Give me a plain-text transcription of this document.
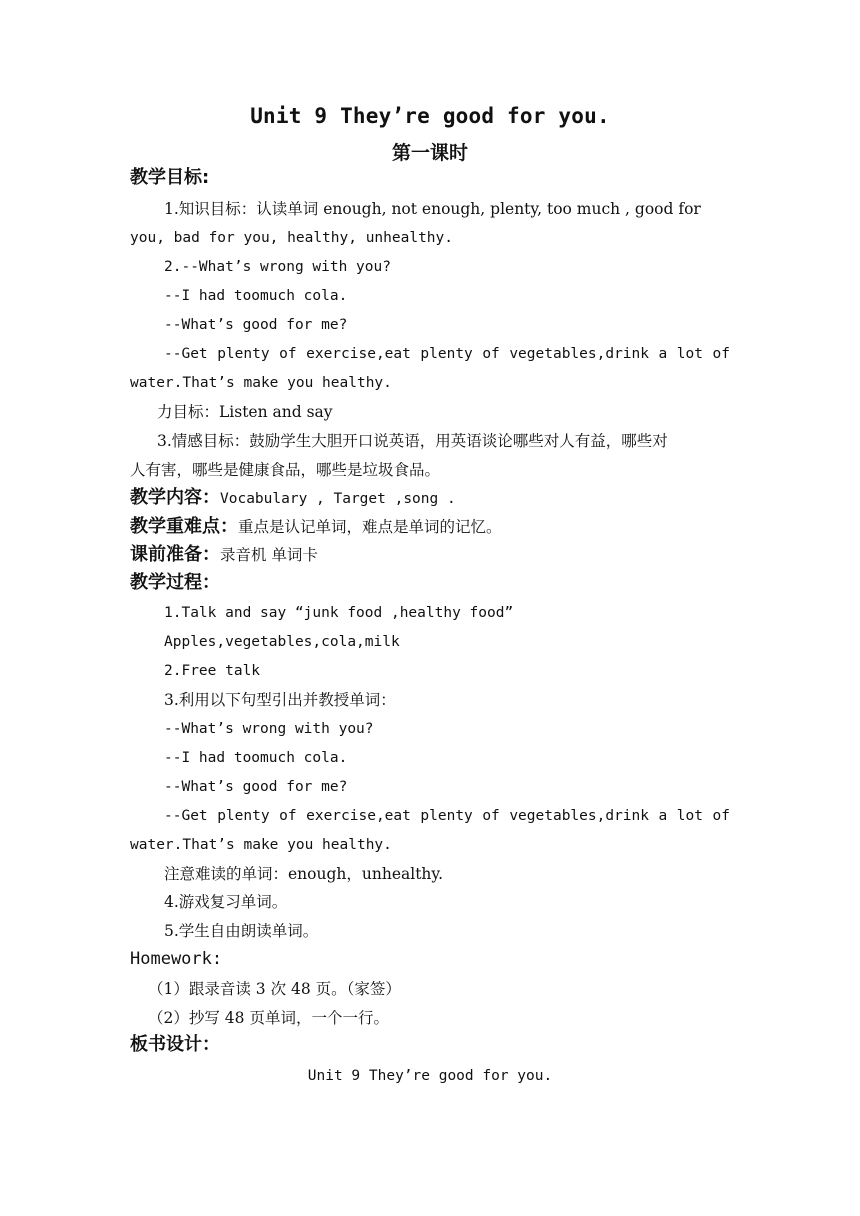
Unit 9 They’re good for you.
第一课时
教学目标:
1.知识目标：认读单词 enough, not enough, plenty, too much , good for
you, bad for you, healthy, unhealthy.
2.--What’s wrong with you?
--I had toomuch cola.
--What’s good for me?
--Get plenty of exercise,eat plenty of vegetables,drink a lot of
water.That’s make you healthy.
力目标：Listen and say
3.情感目标：鼓励学生大胆开口说英语，用英语谈论哪些对人有益，哪些对
人有害，哪些是健康食品，哪些是垃圾食品。
教学内容：Vocabulary , Target ,song .
教学重难点：重点是认记单词，难点是单词的记忆。
课前准备：录音机 单词卡
教学过程：
1.Talk and say “junk food ,healthy food”
Apples,vegetables,cola,milk
2.Free talk
3.利用以下句型引出并教授单词：
--What’s wrong with you?
--I had toomuch cola.
--What’s good for me?
--Get plenty of exercise,eat plenty of vegetables,drink a lot of
water.That’s make you healthy.
注意难读的单词：enough，unhealthy.
4.游戏复习单词。
5.学生自由朗读单词。
Homework:
（1）跟录音读 3 次 48 页。（家签）
（2）抄写 48 页单词，一个一行。
板书设计：
Unit 9 They’re good for you.
